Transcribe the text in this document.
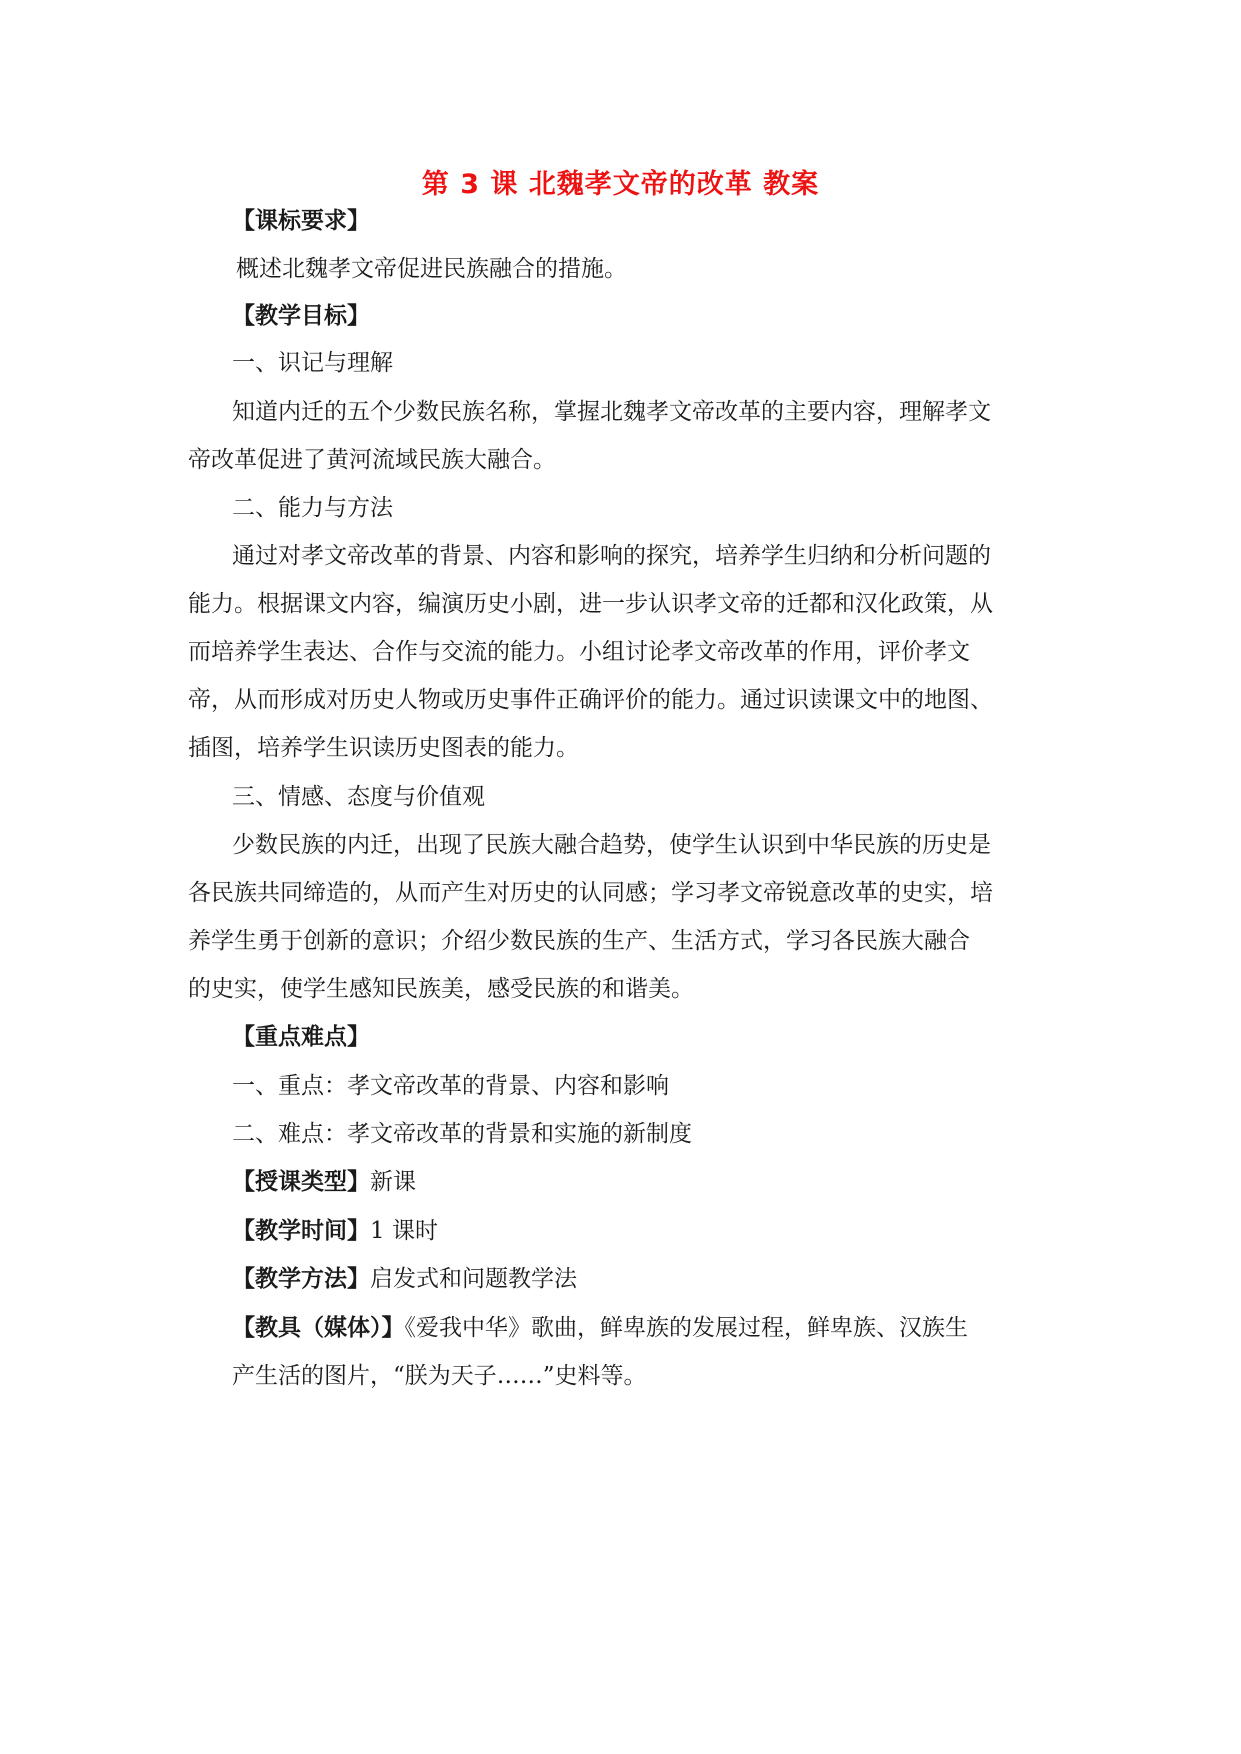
第 3 课 北魏孝文帝的改革 教案
【课标要求】
概述北魏孝文帝促进民族融合的措施。
【教学目标】
一、识记与理解
知道内迁的五个少数民族名称，掌握北魏孝文帝改革的主要内容，理解孝文
帝改革促进了黄河流域民族大融合。
二、能力与方法
通过对孝文帝改革的背景、内容和影响的探究，培养学生归纳和分析问题的
能力。根据课文内容，编演历史小剧，进一步认识孝文帝的迁都和汉化政策，从
而培养学生表达、合作与交流的能力。小组讨论孝文帝改革的作用，评价孝文
帝，从而形成对历史人物或历史事件正确评价的能力。通过识读课文中的地图、
插图，培养学生识读历史图表的能力。
三、情感、态度与价值观
少数民族的内迁，出现了民族大融合趋势，使学生认识到中华民族的历史是
各民族共同缔造的，从而产生对历史的认同感；学习孝文帝锐意改革的史实，培
养学生勇于创新的意识；介绍少数民族的生产、生活方式，学习各民族大融合
的史实，使学生感知民族美，感受民族的和谐美。
【重点难点】
一、重点：孝文帝改革的背景、内容和影响
二、难点：孝文帝改革的背景和实施的新制度
【授课类型】新课
【教学时间】1 课时
【教学方法】启发式和问题教学法
【教具（媒体）】《爱我中华》歌曲，鲜卑族的发展过程，鲜卑族、汉族生
产生活的图片，“朕为天子……”史料等。
